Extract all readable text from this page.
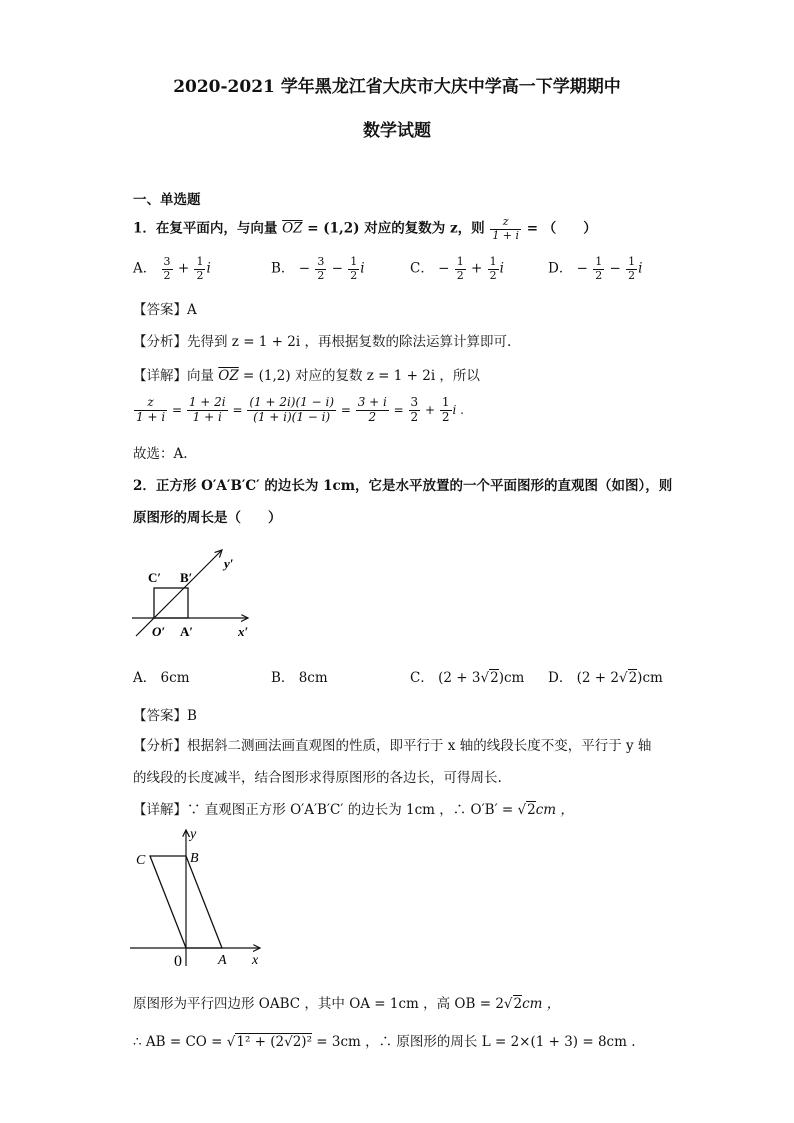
2020-2021 学年黑龙江省大庆市大庆中学高一下学期期中
数学试题
一、单选题
1．在复平面内，与向量 $\overline{OZ} = (1,2)$ 对应的复数为 z，则 $\frac{z}{1 + i}$ = （　　）
A． $\frac{3}{2} + \frac{1}{2}$ i	B． − $\frac{3}{2} - \frac{1}{2}$ i	C． − $\frac{1}{2} + \frac{1}{2}$ i	D． − $\frac{1}{2} - \frac{1}{2}$ i
【答案】A
【分析】先得到 z = 1 + 2i ，再根据复数的除法运算计算即可.
【详解】向量 $\overline{OZ} = (1,2)$ 对应的复数 z = 1 + 2i ，所以
$\frac{z}{1 + i} = \frac{1 + 2i}{1 + i} = \frac{(1 + 2i)(1 - i)}{(1 + i)(1 - i)} = \frac{3 + i}{2} = \frac{3}{2} + \frac{1}{2}$ i .
故选：A.
2．正方形 O′A′B′C′ 的边长为 1cm，它是水平放置的一个平面图形的直观图（如图），则
原图形的周长是（　　）
C′ B′
y′
O′ A′	x′
A． 6cm	B． 8cm	C． (2 + 3√2)cm D． (2 + 2√2)cm
【答案】B
【分析】根据斜二测画法画直观图的性质，即平行于 x 轴的线段长度不变，平行于 y 轴
的线段的长度减半，结合图形求得原图形的各边长，可得周长.
【详解】∵ 直观图正方形 O′A′B′C′ 的边长为 1cm ，∴ O′B′ = √2cm ，
y
C	B
0	A x
原图形为平行四边形 OABC ，其中 OA = 1cm ，高 OB = 2√2cm ，
∴ AB = CO = √1² + (2√2)² = 3cm ，∴ 原图形的周长 L = 2×(1 + 3) = 8cm .
